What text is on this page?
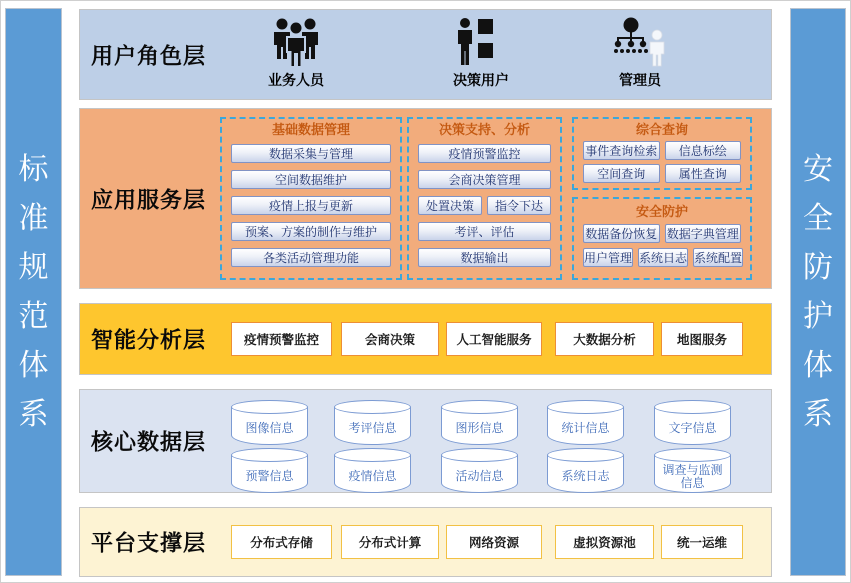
标
准
规
范
体
系
安
全
防
护
体
系
用户角色层
业务人员	决策用户	管理员
应用服务层
基础数据管理
数据采集与管理
空间数据维护
疫情上报与更新
预案、方案的制作与维护
各类活动管理功能
决策支持、分析
疫情预警监控
会商决策管理
处置决策	指令下达
考评、评估
数据输出
综合查询
事件查询检索	信息标绘
空间查询	属性查询
安全防护
数据备份恢复 数据字典管理
用户管理 系统日志 系统配置
智能分析层	疫情预警监控	会商决策	人工智能服务	大数据分析	地图服务
核心数据层
图像信息	考评信息	图形信息	统计信息	文字信息
预警信息	疫情信息	活动信息	系统日志	调查与监测信息
平台支撑层	分布式存储	分布式计算	网络资源	虚拟资源池	统一运维
